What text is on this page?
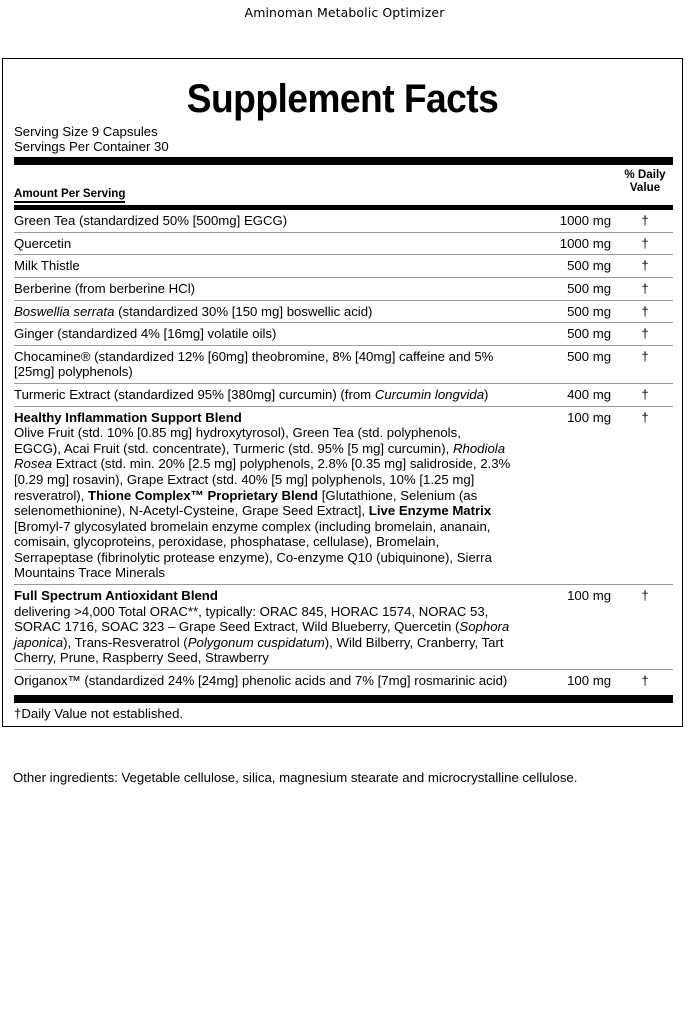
Aminoman Metabolic Optimizer
Supplement Facts
Serving Size 9 Capsules
Servings Per Container 30
Amount Per Serving		
% Daily
Value
Green Tea (standardized 50% [500mg] EGCG)	1000 mg	†
Quercetin	1000 mg	†
Milk Thistle	500 mg	†
Berberine (from berberine HCl)	500 mg	†
Boswellia serrata (standardized 30% [150 mg] boswellic acid)	500 mg	†
Ginger (standardized 4% [16mg] volatile oils)	500 mg	†
Chocamine® (standardized 12% [60mg] theobromine, 8% [40mg] caffeine and 5% [25mg] polyphenols)	500 mg	†
Turmeric Extract (standardized 95% [380mg] curcumin) (from Curcumin longvida)	400 mg	†

Healthy Inflammation Support Blend
Olive Fruit (std. 10% [0.85 mg] hydroxytyrosol), Green Tea (std. polyphenols, EGCG), Acai Fruit (std. concentrate), Turmeric (std. 95% [5 mg] curcumin), Rhodiola Rosea Extract (std. min. 20% [2.5 mg] polyphenols, 2.8% [0.35 mg] salidroside, 2.3% [0.29 mg] rosavin), Grape Extract (std. 40% [5 mg] polyphenols, 10% [1.25 mg] resveratrol), Thione Complex™ Proprietary Blend [Glutathione, Selenium (as selenomethionine), N-Acetyl-Cysteine, Grape Seed Extract], Live Enzyme Matrix [Bromyl-7 glycosylated bromelain enzyme complex (including bromelain, ananain, comisain, glycoproteins, peroxidase, phosphatase, cellulase), Bromelain, Serrapeptase (fibrinolytic protease enzyme), Co-enzyme Q10 (ubiquinone), Sierra Mountains Trace Minerals	100 mg	†

Full Spectrum Antioxidant Blend
delivering >4,000 Total ORAC**, typically: ORAC 845, HORAC 1574, NORAC 53, SORAC 1716, SOAC 323 – Grape Seed Extract, Wild Blueberry, Quercetin (Sophora japonica), Trans-Resveratrol (Polygonum cuspidatum), Wild Bilberry, Cranberry, Tart Cherry, Prune, Raspberry Seed, Strawberry	100 mg	†
Origanox™ (standardized 24% [24mg] phenolic acids and 7% [7mg] rosmarinic acid)	100 mg	†
†Daily Value not established.
Other ingredients: Vegetable cellulose, silica, magnesium stearate and microcrystalline cellulose.
